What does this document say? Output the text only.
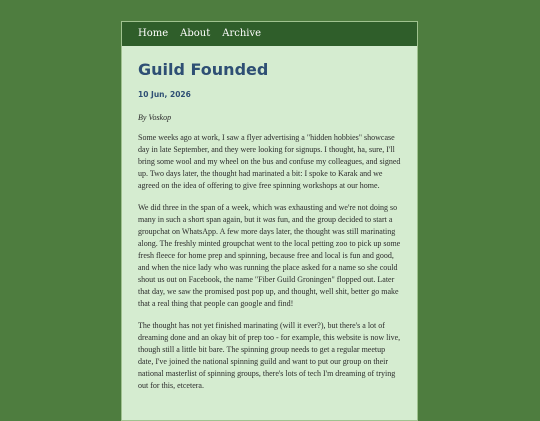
Home About Archive
Guild Founded
10 Jun, 2026
By Voskop

Some weeks ago at work, I saw a flyer advertising a "hidden hobbies" showcase day in late September, and they were looking for signups. I thought, ha, sure, I'll bring some wool and my wheel on the bus and confuse my colleagues, and signed up. Two days later, the thought had marinated a bit: I spoke to Karak and we agreed on the idea of offering to give free spinning workshops at our home.

We did three in the span of a week, which was exhausting and we're not doing so many in such a short span again, but it was fun, and the group decided to start a groupchat on WhatsApp. A few more days later, the thought was still marinating along. The freshly minted groupchat went to the local petting zoo to pick up some fresh fleece for home prep and spinning, because free and local is fun and good, and when the nice lady who was running the place asked for a name so she could shout us out on Facebook, the name "Fiber Guild Groningen" flopped out. Later that day, we saw the promised post pop up, and thought, well shit, better go make that a real thing that people can google and find!

The thought has not yet finished marinating (will it ever?), but there's a lot of dreaming done and an okay bit of prep too - for example, this website is now live, though still a little bit bare. The spinning group needs to get a regular meetup date, I've joined the national spinning guild and want to put our group on their national masterlist of spinning groups, there's lots of tech I'm dreaming of trying out for this, etcetera.
